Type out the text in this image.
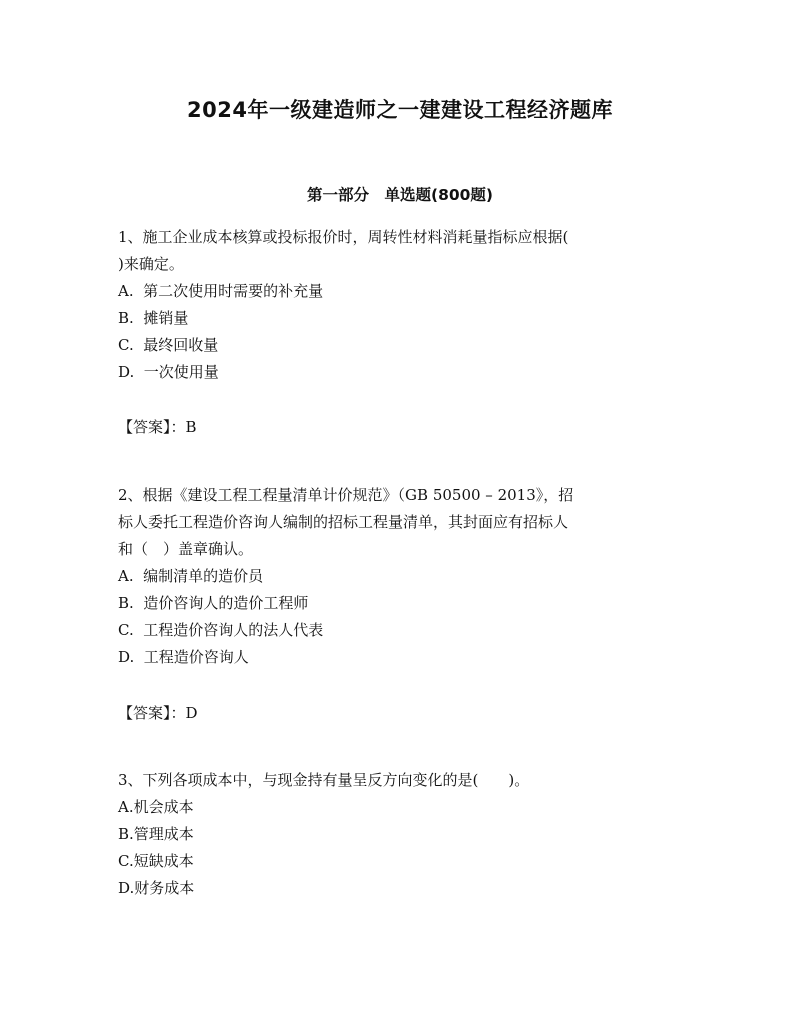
2024年一级建造师之一建建设工程经济题库
第一部分　单选题(800题)
1、施工企业成本核算或投标报价时，周转性材料消耗量指标应根据(
)来确定。
A.  第二次使用时需要的补充量
B.  摊销量
C.  最终回收量
D.  一次使用量
【答案】：B
2、根据《建设工程工程量清单计价规范》（GB 50500 – 2013》，招
标人委托工程造价咨询人编制的招标工程量清单，其封面应有招标人
和（　）盖章确认。
A.  编制清单的造价员
B.  造价咨询人的造价工程师
C.  工程造价咨询人的法人代表
D.  工程造价咨询人
【答案】：D
3、下列各项成本中，与现金持有量呈反方向变化的是(　　)。
A.机会成本
B.管理成本
C.短缺成本
D.财务成本
